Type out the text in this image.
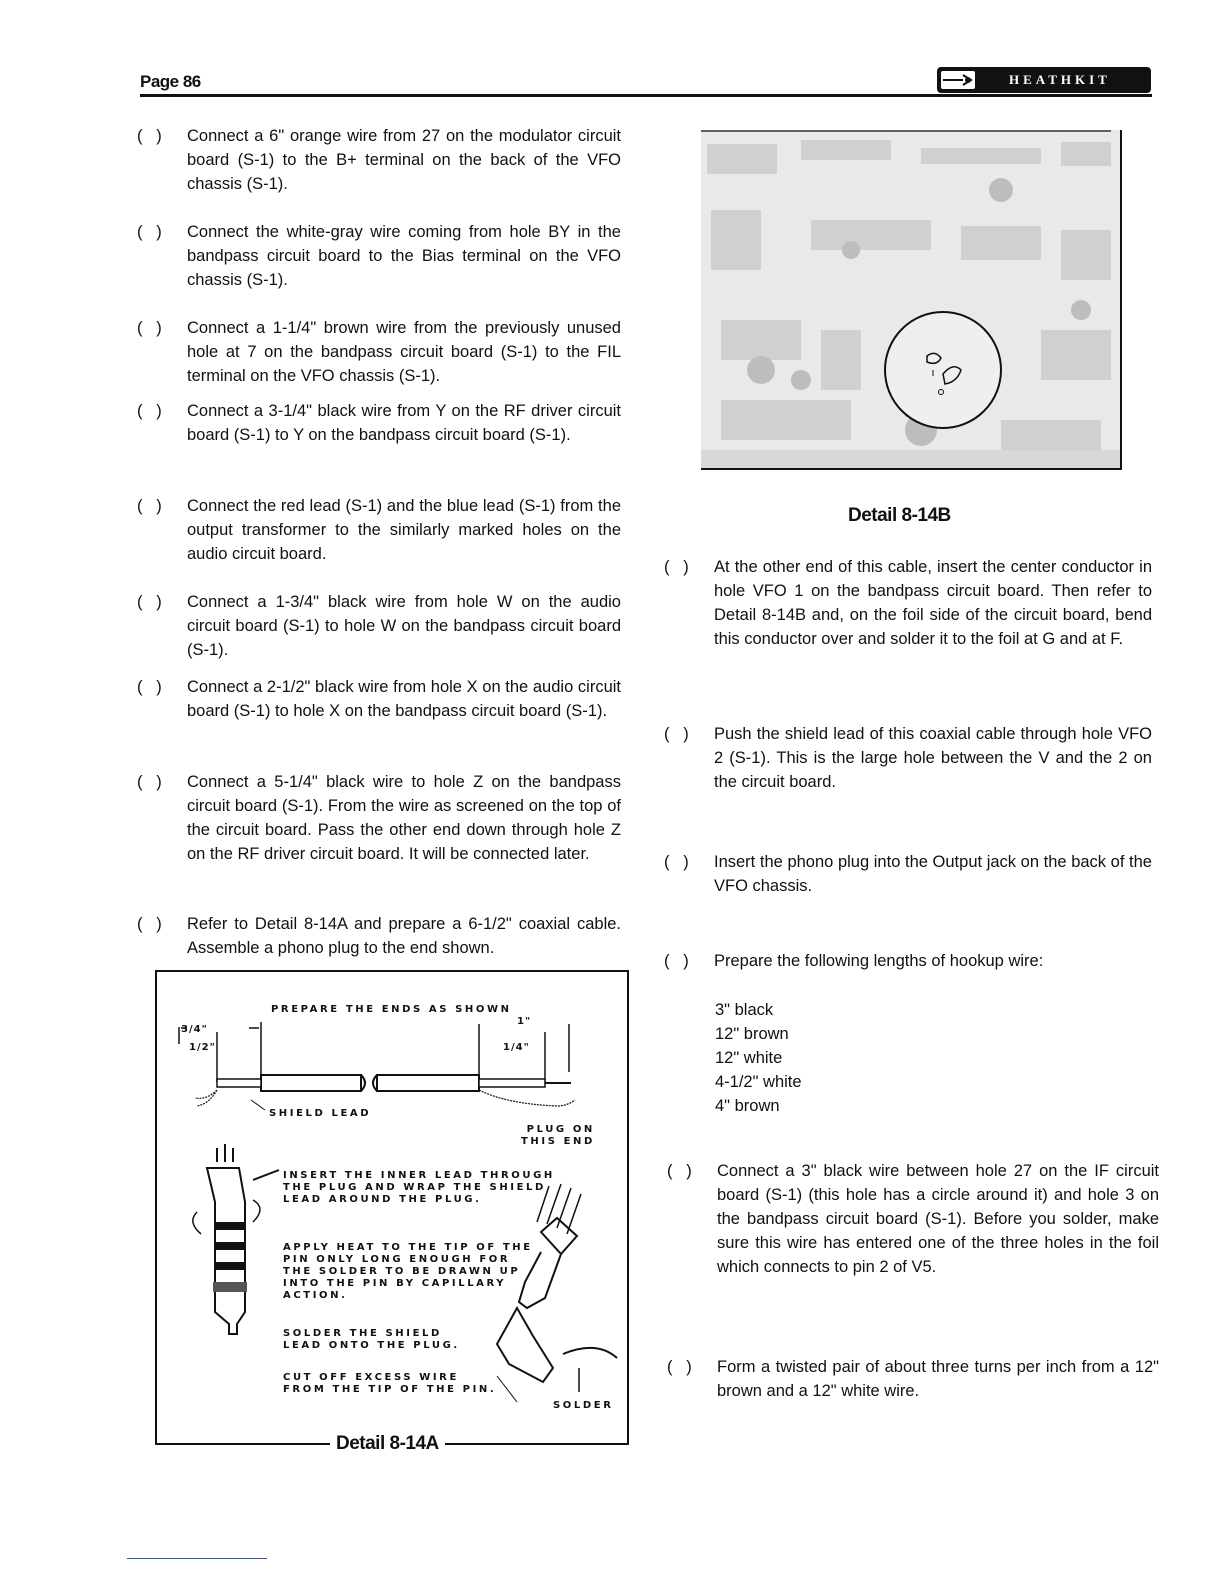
Page 86	HEATHKIT
(   )	Connect a 6" orange wire from 27 on the modulator circuit board (S-1) to the B+ terminal on the back of the VFO chassis (S-1).
(   )	Connect the white-gray wire coming from hole BY in the bandpass circuit board to the Bias terminal on the VFO chassis (S-1).
(   )	Connect a 1-1/4" brown wire from the previously unused hole at 7 on the bandpass circuit board (S-1) to the FIL terminal on the VFO chassis (S-1).
(   )	Connect a 3-1/4" black wire from Y on the RF driver circuit board (S-1) to Y on the bandpass circuit board (S-1).
(   )	Connect the red lead (S-1) and the blue lead (S-1) from the output transformer to the similarly marked holes on the audio circuit board.
(   )	Connect a 1-3/4" black wire from hole W on the audio circuit board (S-1) to hole W on the bandpass circuit board (S-1).
(   )	Connect a 2-1/2" black wire from hole X on the audio circuit board (S-1) to hole X on the bandpass circuit board (S-1).
(   )	Connect a 5-1/4" black wire to hole Z on the bandpass circuit board (S-1). From the wire as screened on the top of the circuit board. Pass the other end down through hole Z on the RF driver circuit board. It will be connected later.
(   )	Refer to Detail 8-14A and prepare a 6-1/2" coaxial cable. Assemble a phono plug to the end shown.
PREPARE THE ENDS AS SHOWN
3/4"
1/2"
1"
1/4"
SHIELD LEAD
PLUG ON
THIS END
INSERT THE INNER LEAD THROUGH
THE PLUG AND WRAP THE SHIELD
LEAD AROUND THE PLUG.
APPLY HEAT TO THE TIP OF THE
PIN ONLY LONG ENOUGH FOR
THE SOLDER TO BE DRAWN UP
INTO THE PIN BY CAPILLARY
ACTION.
SOLDER THE SHIELD
LEAD ONTO THE PLUG.
CUT OFF EXCESS WIRE
FROM THE TIP OF THE PIN.
SOLDER
Detail 8-14A
Detail 8-14B
(   )	At the other end of this cable, insert the center conductor in hole VFO 1 on the bandpass circuit board. Then refer to Detail 8-14B and, on the foil side of the circuit board, bend this conductor over and solder it to the foil at G and at F.
(   )	Push the shield lead of this coaxial cable through hole VFO 2 (S-1). This is the large hole between the V and the 2 on the circuit board.
(   )	Insert the phono plug into the Output jack on the back of the VFO chassis.
(   )	Prepare the following lengths of hookup wire:
3" black
12" brown
12" white
4-1/2" white
4" brown
(   )	Connect a 3" black wire between hole 27 on the IF circuit board (S-1) (this hole has a circle around it) and hole 3 on the bandpass circuit board (S-1). Before you solder, make sure this wire has entered one of the three holes in the foil which connects to pin 2 of V5.
(   )	Form a twisted pair of about three turns per inch from a 12" brown and a 12" white wire.
